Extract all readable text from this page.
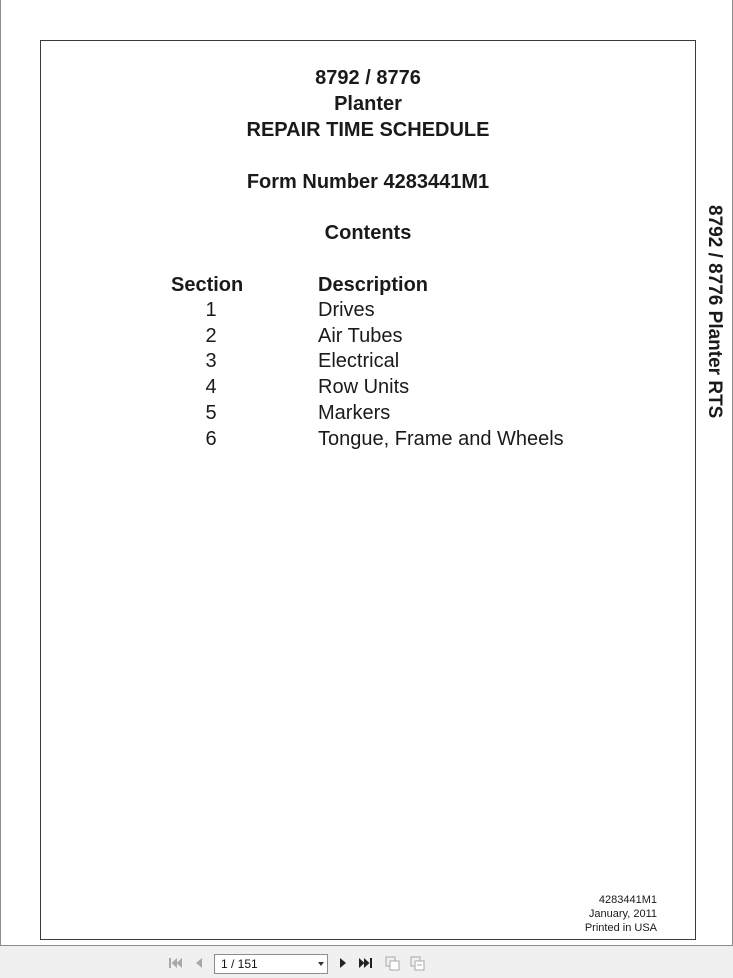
8792 / 8776
Planter
REPAIR TIME SCHEDULE
Form Number 4283441M1
Contents
Section	Description
1	Drives
2	Air Tubes
3	Electrical
4	Row Units
5	Markers
6	Tongue, Frame and Wheels
4283441M1
January, 2011
Printed in USA
8792 / 8776 Planter RTS
1 / 151
